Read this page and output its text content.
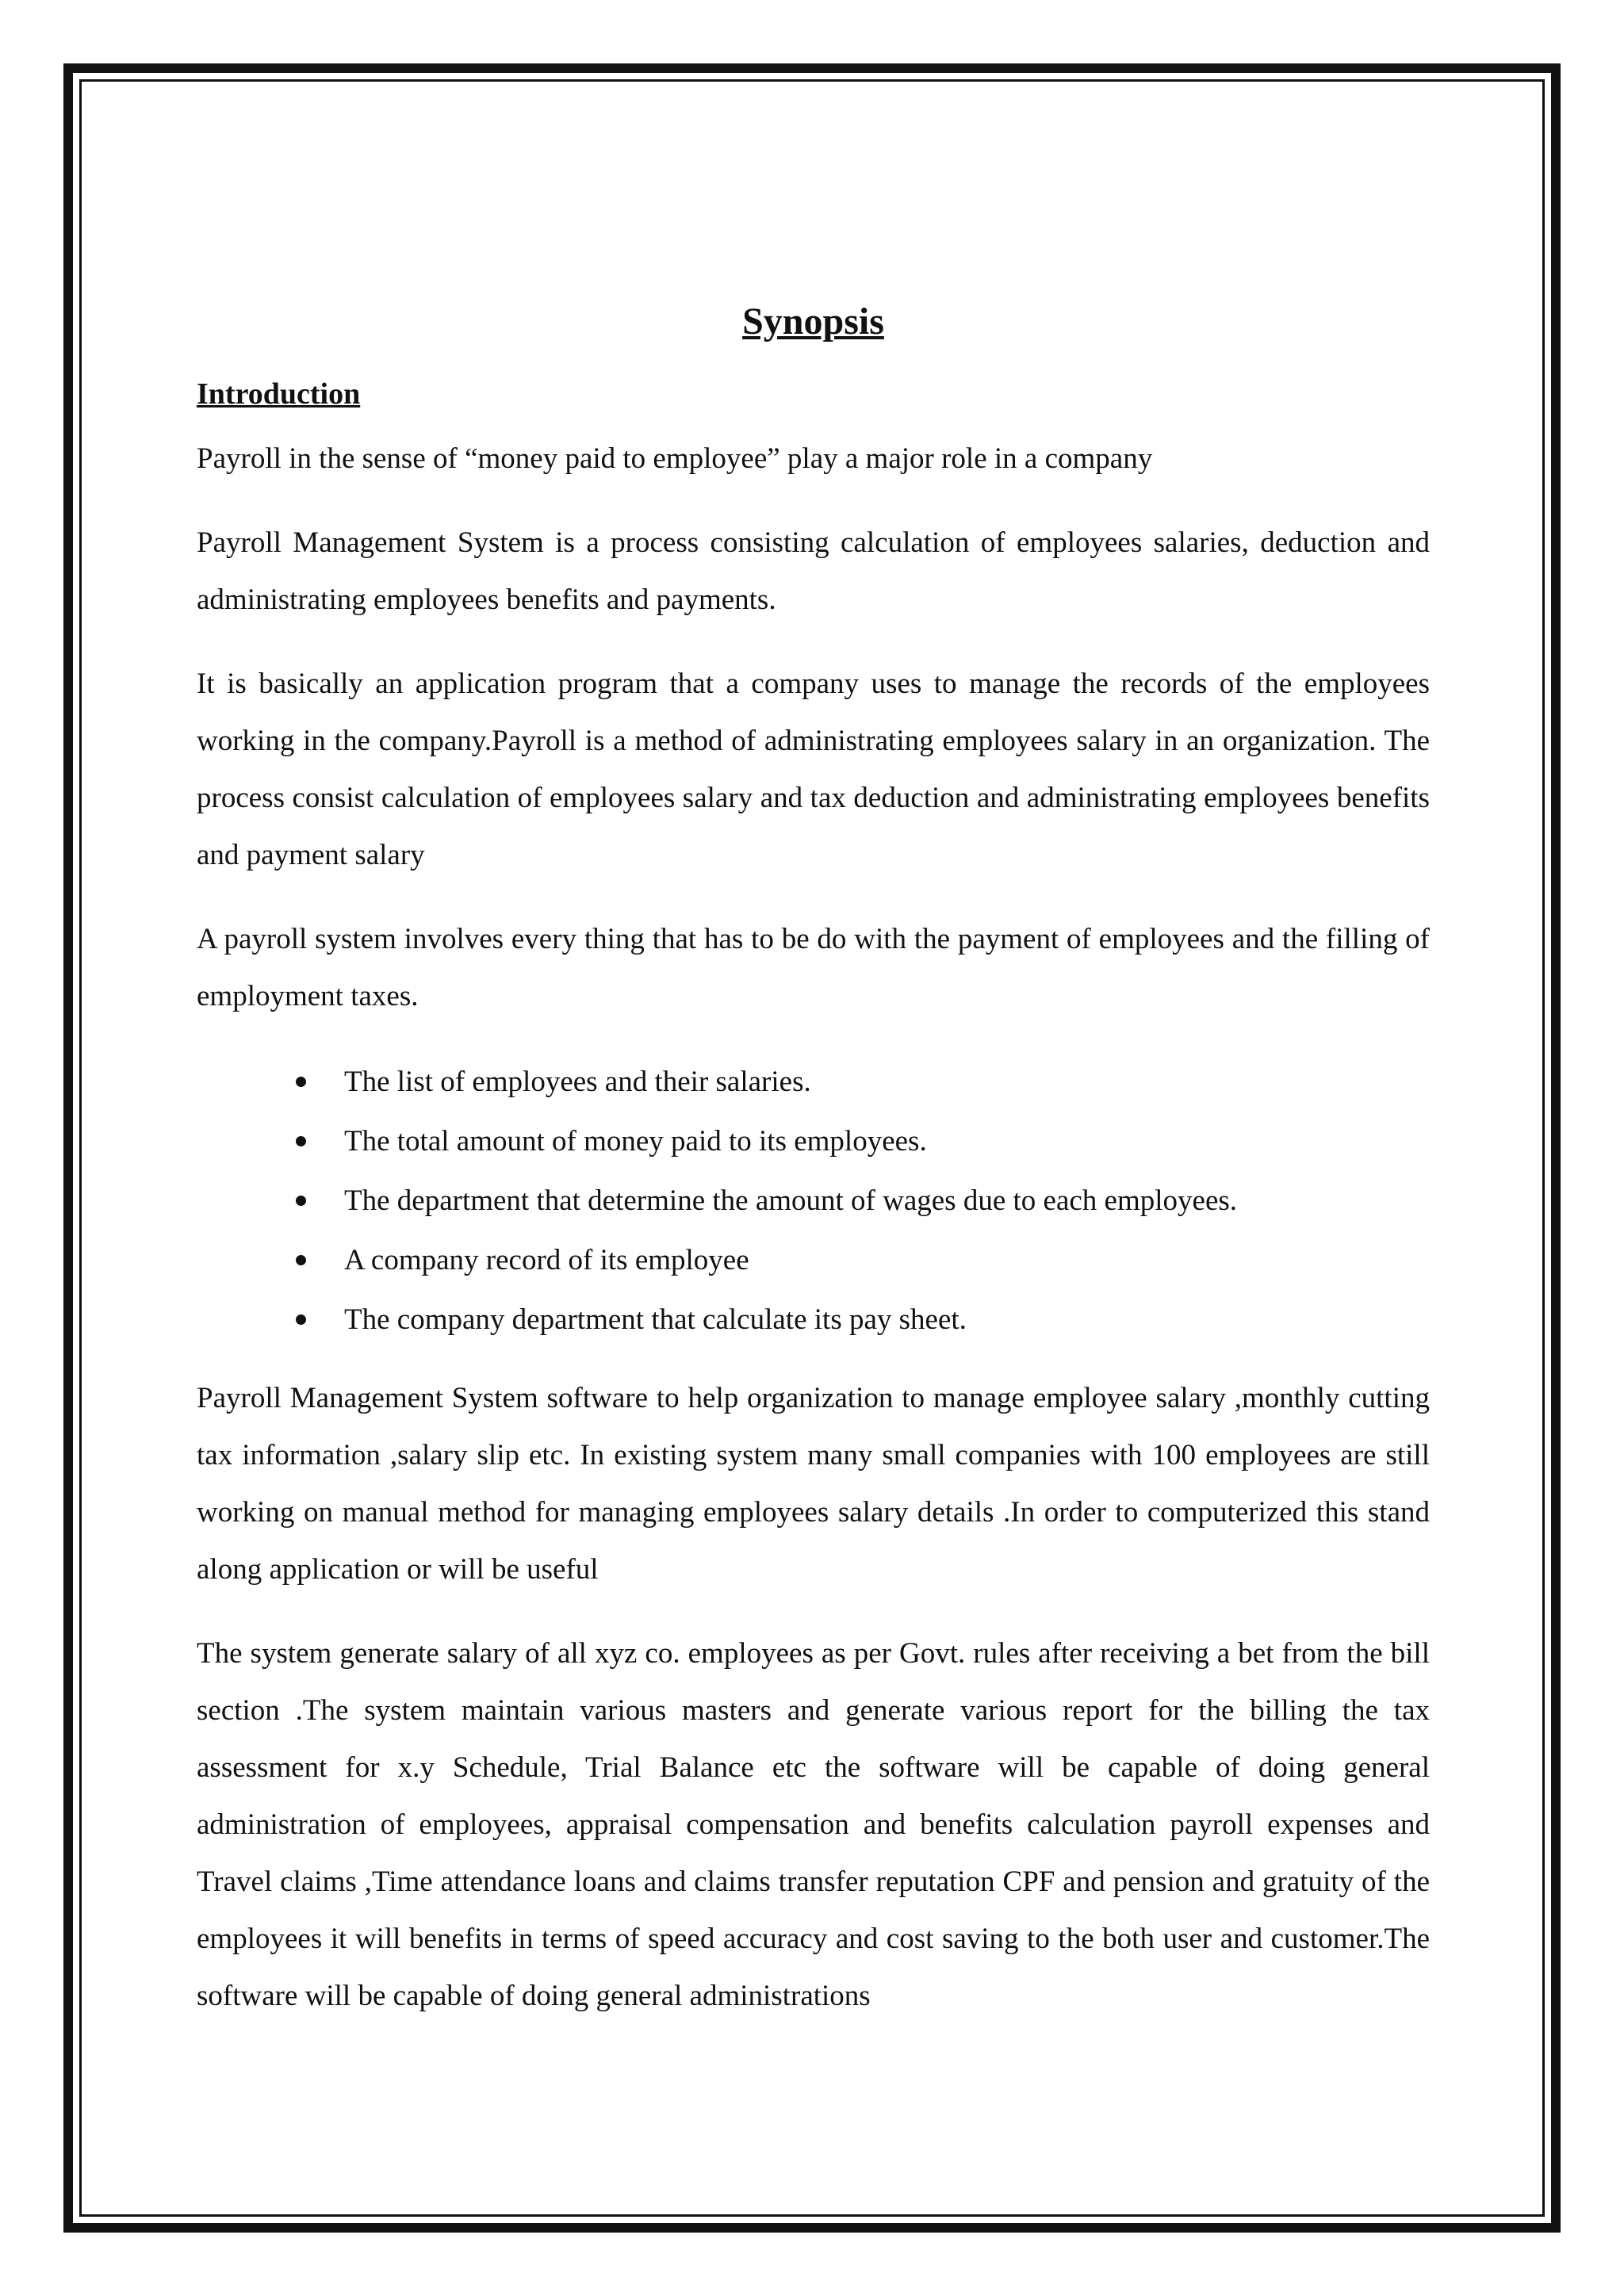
Synopsis
Introduction

Payroll in the sense of “money paid to employee” play a major role in a company

Payroll Management System is a process consisting calculation of employees salaries, deduction and administrating employees benefits and payments.

It is basically an application program that a company uses to manage the records of the employees working in the company.Payroll is a method of administrating employees salary in an organization. The process consist calculation of employees salary and tax deduction and administrating employees benefits and payment salary

A payroll system involves every thing that has to be do with the payment of employees and the filling of employment taxes.

The list of employees and their salaries.
The total amount of money paid to its employees.
The department that determine the amount of wages due to each employees.
A company record of its employee
The company department that calculate its pay sheet.

Payroll Management System software to help organization to manage employee salary ,monthly cutting tax information ,salary slip etc. In existing system many small companies with 100 employees are still working on manual method for managing employees salary details .In order to computerized this stand along application or will be useful

The system generate salary of all xyz co. employees as per Govt. rules after receiving a bet from the bill section .The system maintain various masters and generate various report for the billing the tax assessment for x.y Schedule, Trial Balance etc the software will be capable of doing general administration of employees, appraisal compensation and benefits calculation payroll expenses and Travel claims ,Time attendance loans and claims transfer reputation CPF and pension and gratuity of the employees it will benefits in terms of speed accuracy and cost saving to the both user and customer.The software will be capable of doing general administrations
